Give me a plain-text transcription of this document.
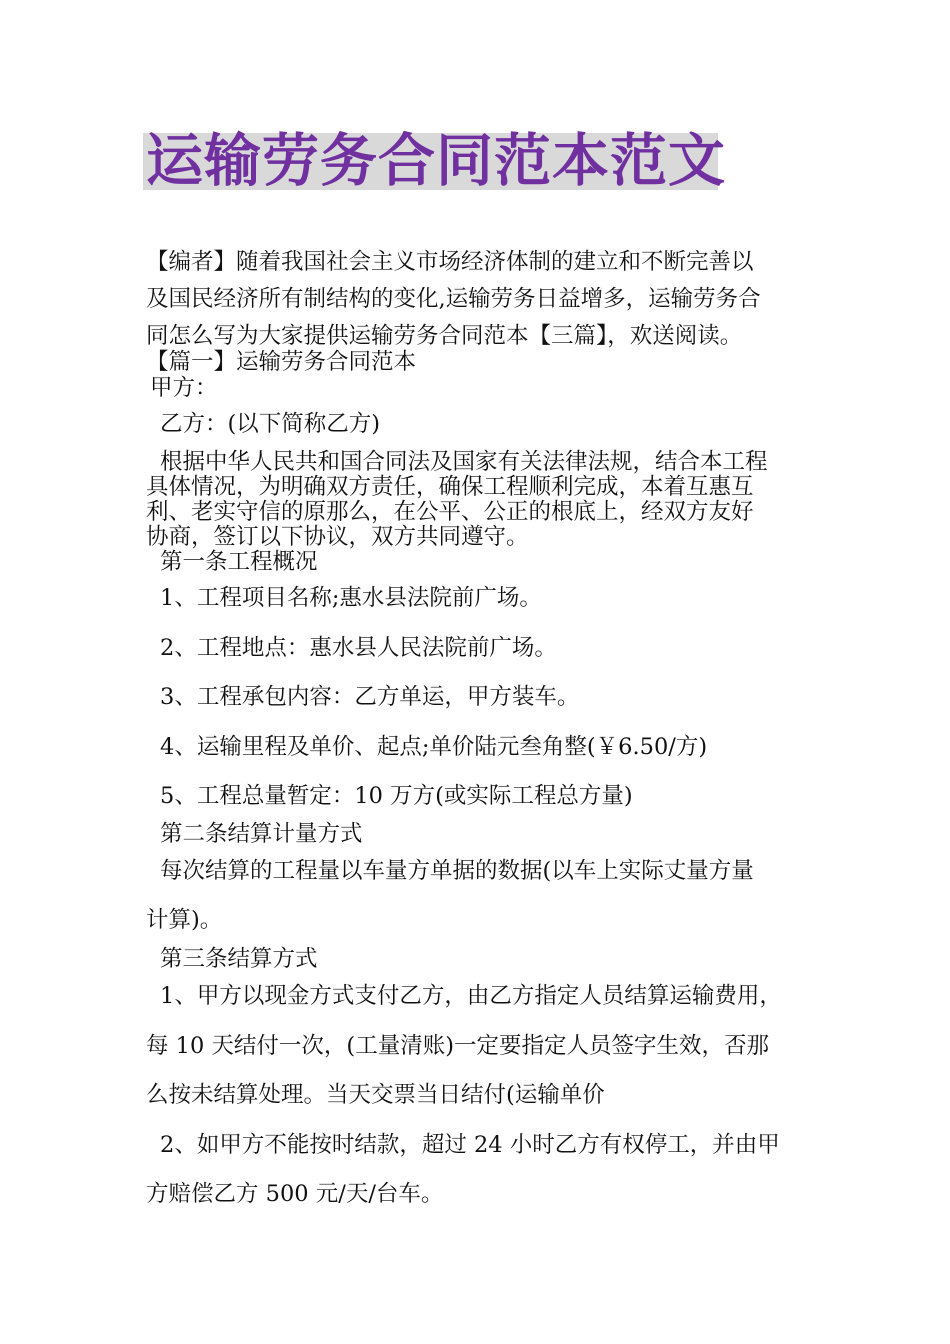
运输劳务合同范本范文
【编者】随着我国社会主义市场经济体制的建立和不断完善以
及国民经济所有制结构的变化,运输劳务日益增多，运输劳务合
同怎么写为大家提供运输劳务合同范本【三篇】，欢送阅读。
【篇一】运输劳务合同范本
甲方：
乙方：(以下简称乙方)
根据中华人民共和国合同法及国家有关法律法规，结合本工程
具体情况，为明确双方责任，确保工程顺利完成，本着互惠互
利、老实守信的原那么，在公平、公正的根底上，经双方友好
协商，签订以下协议，双方共同遵守。
第一条工程概况
1、工程项目名称;惠水县法院前广场。
2、工程地点：惠水县人民法院前广场。
3、工程承包内容：乙方单运，甲方装车。
4、运输里程及单价、起点;单价陆元叁角整(￥6.50/方)
5、工程总量暂定：10 万方(或实际工程总方量)
第二条结算计量方式
每次结算的工程量以车量方单据的数据(以车上实际丈量方量
计算)。
第三条结算方式
1、甲方以现金方式支付乙方，由乙方指定人员结算运输费用，
每 10 天结付一次，(工量清账)一定要指定人员签字生效，否那
么按未结算处理。当天交票当日结付(运输单价
2、如甲方不能按时结款，超过 24 小时乙方有权停工，并由甲
方赔偿乙方 500 元/天/台车。
